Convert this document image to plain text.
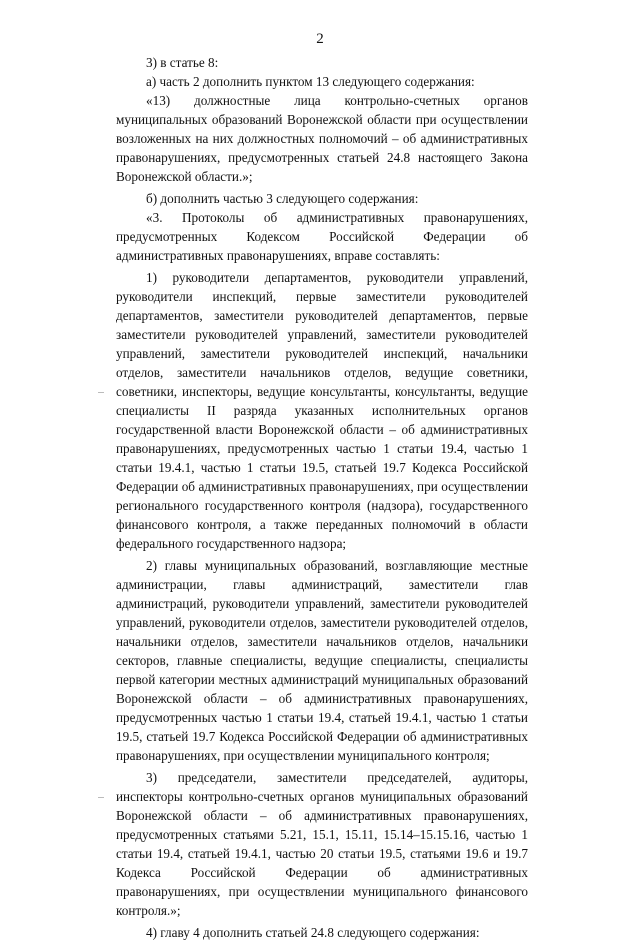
2

3) в статье 8:

а) часть 2 дополнить пунктом 13 следующего содержания:

«13) должностные лица контрольно-счетных органов муниципальных образований Воронежской области при осуществлении возложенных на них должностных полномочий – об административных правонарушениях, предусмотренных статьей 24.8 настоящего Закона Воронежской области.»;

б) дополнить частью 3 следующего содержания:

«3. Протоколы об административных правонарушениях, предусмотренных Кодексом Российской Федерации об административных правонарушениях, вправе составлять:

1) руководители департаментов, руководители управлений, руководители инспекций, первые заместители руководителей департаментов, заместители руководителей департаментов, первые заместители руководителей управлений, заместители руководителей управлений, заместители руководителей инспекций, начальники отделов, заместители начальников отделов, ведущие советники, советники, инспекторы, ведущие консультанты, консультанты, ведущие специалисты II разряда указанных исполнительных органов государственной власти Воронежской области – об административных правонарушениях, предусмотренных частью 1 статьи 19.4, частью 1 статьи 19.4.1, частью 1 статьи 19.5, статьей 19.7 Кодекса Российской Федерации об административных правонарушениях, при осуществлении регионального государственного контроля (надзора), государственного финансового контроля, а также переданных полномочий в области федерального государственного надзора;

2) главы муниципальных образований, возглавляющие местные администрации, главы администраций, заместители глав администраций, руководители управлений, заместители руководителей управлений, руководители отделов, заместители руководителей отделов, начальники отделов, заместители начальников отделов, начальники секторов, главные специалисты, ведущие специалисты, специалисты первой категории местных администраций муниципальных образований Воронежской области – об административных правонарушениях, предусмотренных частью 1 статьи 19.4, статьей 19.4.1, частью 1 статьи 19.5, статьей 19.7 Кодекса Российской Федерации об административных правонарушениях, при осуществлении муниципального контроля;

3) председатели, заместители председателей, аудиторы, инспекторы контрольно-счетных органов муниципальных образований Воронежской области – об административных правонарушениях, предусмотренных статьями 5.21, 15.1, 15.11, 15.14–15.15.16, частью 1 статьи 19.4, статьей 19.4.1, частью 20 статьи 19.5, статьями 19.6 и 19.7 Кодекса Российской Федерации об административных правонарушениях, при осуществлении муниципального финансового контроля.»;

4) главу 4 дополнить статьей 24.8 следующего содержания:
